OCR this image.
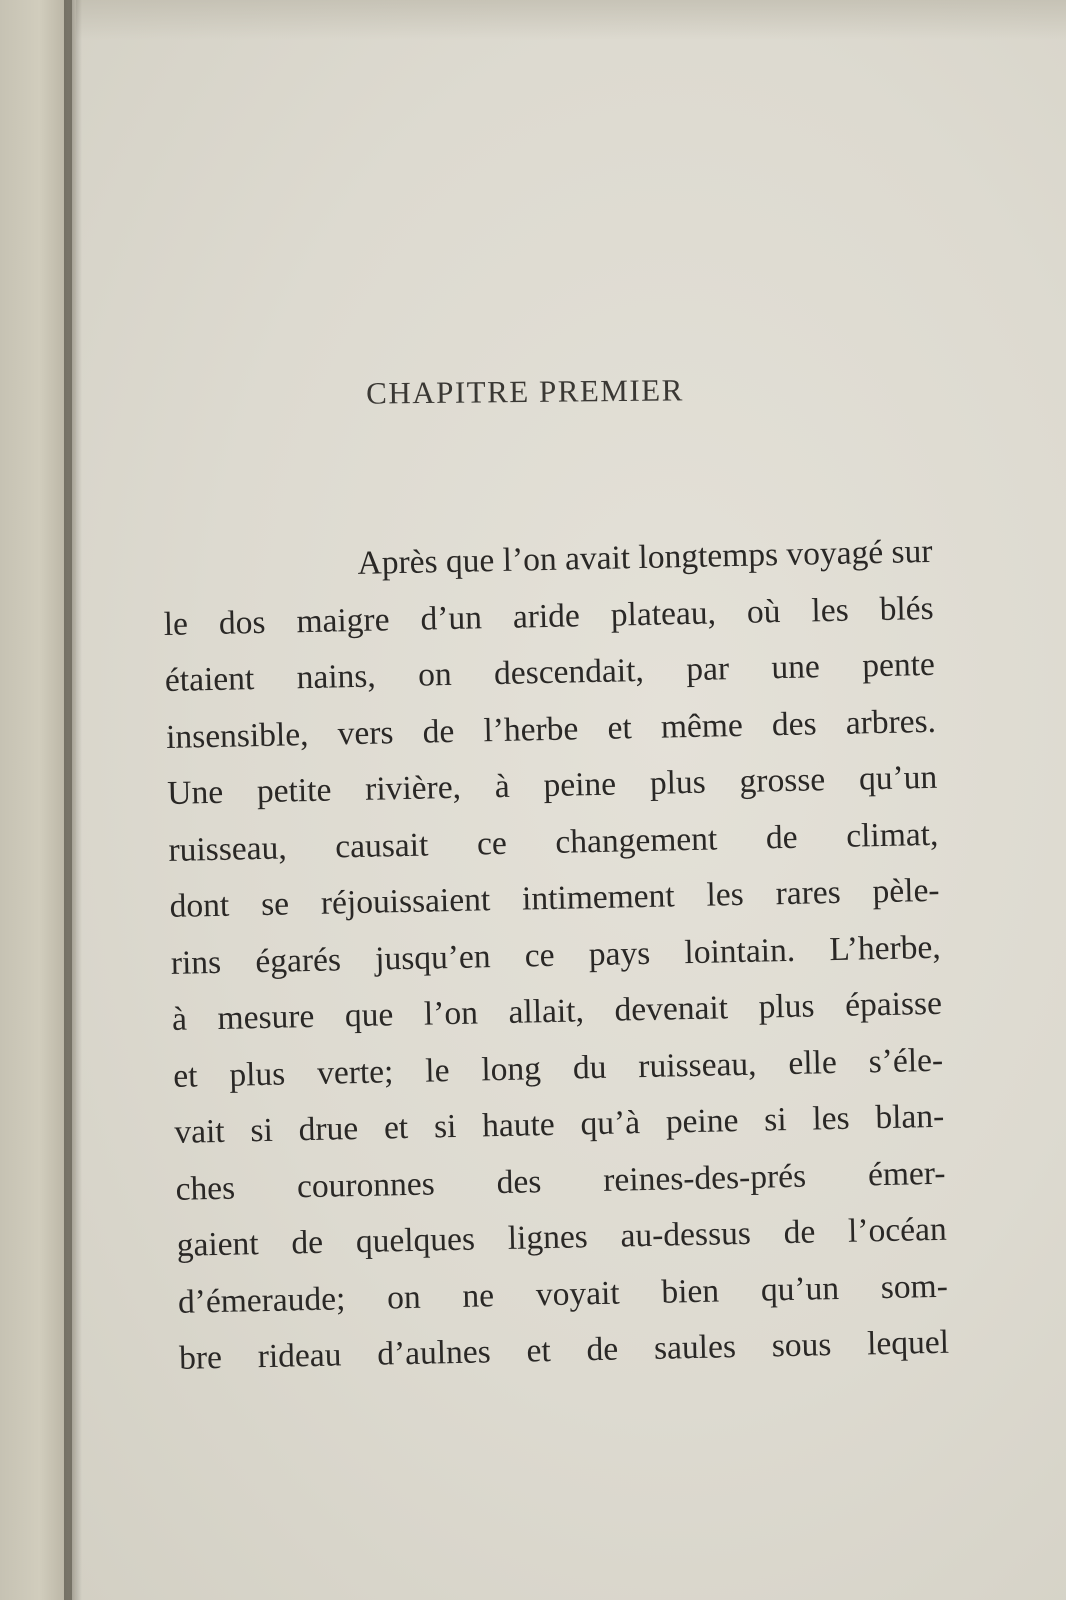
CHAPITRE PREMIER
Après que l’on avait longtemps voyagé sur
le dos maigre d’un aride plateau, où les blés
étaient nains, on descendait, par une pente
insensible, vers de l’herbe et même des arbres.
Une petite rivière, à peine plus grosse qu’un
ruisseau, causait ce changement de climat,
dont se réjouissaient intimement les rares pèle-
rins égarés jusqu’en ce pays lointain. L’herbe,
à mesure que l’on allait, devenait plus épaisse
et plus verte; le long du ruisseau, elle s’éle-
vait si drue et si haute qu’à peine si les blan-
ches couronnes des reines-des-prés émer-
gaient de quelques lignes au-dessus de l’océan
d’émeraude; on ne voyait bien qu’un som-
bre rideau d’aulnes et de saules sous lequel
